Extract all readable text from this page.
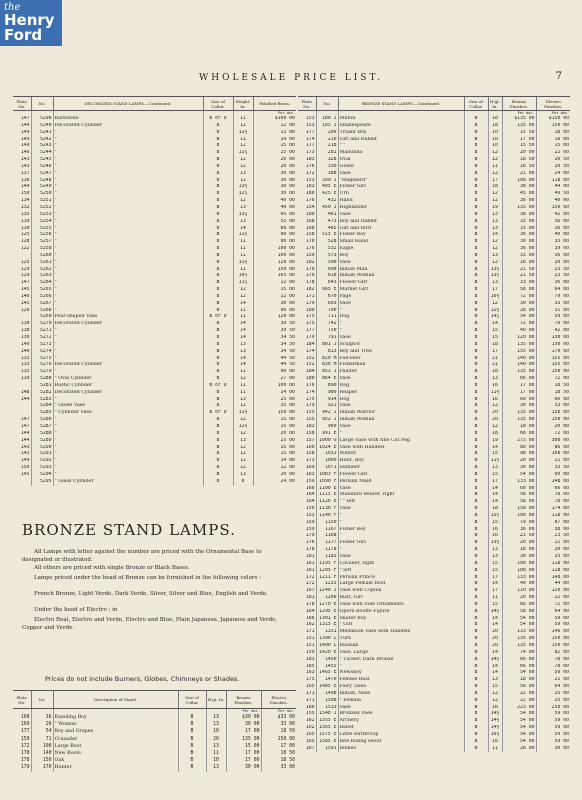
the
Henry Ford
WHOLESALE PRICE LIST.	7
Plate No.	No.	DECORATED STAND LAMPS.—Continued.	Size of Collar.	Height. In.	Polished Brass.
					Per doz.
147	5290	Barbotine	B or D	11	$100 00
144	5240	Decorated Cylinder	B	12	12 00
149	5241	"	B	12½	13 00
149	5242	"	B	11	14 00
149	5243	"	B	12	15 00
146	5244	"	B	11¼	15 00
143	5245	"	B	12	20 00
143	5246	"	B	12	20 00
137	5247	"	B	13	30 00
136	5248	"	B	12	30 00
149	5249	"	B	13½	30 00
150	5250	"	B	12¼	30 00
134	5251	"	B	12	40 00
132	5252	"	B	13	40 00
135	5253	"	B	13¼	45 00
139	5254	"	B	13	55 00
130	5255	"	B	14	60 00
125	5256	"	B	11½	90 00
128	5257	"	B	11	90 00
122	5258	"	B	11	100 00
	5260	"	B	11	100 00
125	5261	"	B	11½	120 00
129	5262	"	B	11	150 00
129	5263	"	B	10½	165 00
147	5264	"	B	11¼	12 00
145	5265	"	B	12	15 00
146	5266	"	B	12	12 00
145	5267	"	B	14	30 00
126	5268	"	B	11	90 00
	5269	Pear-shaped Vase	B or D	11	120 00
138	5270	Decorated Cylinder	B	14	39 50
138	5271	"	B	14	39 50
130	5272	"	B	14	34 50
140	5273	"	B	13	34 50
140	5274	"	B	13	34 50
133	5275	"	B	14	44 50
133	5276	Decorated Cylinder	B	14	44 50
135	5279	"	B	11	90 00
139	5280	" Oval Cylinder	B	12	27 00
	5281	Rustic Cylinder	B or D	11	100 00
148	5282	Decorated Cylinder	B	11	14 00
144	5283	"	B	13	25 00
	5284	" Globe Vase	B	12	35 00
	5285	" Cylinder Vase	B or D	11½	150 00
147	5286	"	B	12	15 00
147	5287	"	B	12½	15 00
144	5288	"	B	12	20 00
144	5289	"	B	13	25 00
143	5290	"	B	12	15 00
143	5291	"	B	12	15 00
149	5292	"	B	12	14 00
150	5293	"	B	12	12 00
145	5294	"	B	13	20 00
	5295	" Glass Cylinder	B	8	24 00
Plate No.	No.	BRONZE STAND LAMPS.—Continued.	Size of Collar.	H'gt. In.	Bronze Finishes.	Electro Finishes.
					Per doz.	Per doz.
153	180 J	Milton	B	18	$135 00	$150 00
153	195 J	Shakespeare	B	18	135 00	150 00
177	209	Truant Boy	B	10	15 50	18 00
174	210	Girl and Rabbit	B	10	17 00	18 00
177	218	" "	B	10	15 50	15 00
173	281	Madonna	B	12	20 00	22 00
183	328	Oval	B	12	18 50	20 50
176	330	Globe	B	11	18 50	20 50
172	388	Vase	B	12	21 00	24 00
153	399 J	"Shepherd"	B	17	108 00	118 00
183	405 E	Fisher Girl	B	18	38 00	44 00
180	425 E	Urn	B	12	45 00	49 50
176	432	Hand	B	12	36 00	40 00
154	450 J	Highlander	B	19	135 00	150 00
180	461	Vase	B	13	38 00	42 00
168	473	Boy and Rabbit	B	13	33 00	36 00
168	485	Girl and Bird	B	13	33 00	36 00
158	515 E	Fisher Boy	B	14	36 00	40 00
170	528	Small Hand	B	12	30 00	33 00
176	532	Eagle	B	12	36 00	39 00
159	573	Boy	B	13	33 00	36 00
182	590	Vase	B	12	18 00	20 00
170	608	Indian Man	B	13½	21 50	23 50
170	618	Indian Woman	B	13½	21 50	23 50
178	643	Flower Girl	B	13	33 00	36 00
182	665 E	Market Girl	B	17	58 00	64 00
171	670	Page	B	16½	72 00	79 00
179	693	Vase	B	12	30 00	33 00
180	700	"	B	12½	28 00	31 00
175	711	Dog	B	14¼	54 00	59 00
175	742	"	B	14	72 00	79 00
177	750	"	B	15	40 00	42 00
179	791	Vase	B	15	120 00	130 00
184	801 J	Sculptor	B	18	135 00	150 00
174	813	Boy and Tree	B	17	155 00	170 00
152	820 H	Falconer	B	21	140 00	155 00
152	830 H	Fisherman	B	21	140 00	155 00
184	851 J	Painter	B	18	135 00	150 00
180	864 E	Vase	B	13	66 00	72 00
176	890	Dog	B	16	17 00	18 50
174	900	Reaper	B	11½	17 00	18 50
175	914	Dog	B	16	60 00	66 00
179	921	Vase	B	12	30 00	33 00
155	942 J	Indian Warrior	B	20	135 00	150 00
155	952 J	Indian Woman	B	20	135 00	150 00
183	960	Vase	B	12	18 00	20 00
158	991 E	"	B	18	68 00	72 00
157	1000 G	Large Vase with fine Cut Peg	B	19	275 00	300 00
160	1024 E	Vase with Handles	B	14	80 00	86 00
158	1031	Winter	B	15	98 00	108 00
173	1060	Hunt, Boy	B	11½	20 00	22 00
169	1071	Summer	B	13	30 00	33 50
163	1083 F	Flower Girl	B	15	54 00	60 00
159	1090 F	Persian Maid	B	17	133 00	148 00
166	1100 E	Vase	B	14	60 00	66 00
164	1115 E	Standard Bearer, right	B	14	58 00	78 00
164	1126 E	" " left	B	14	58 00	78 00
156	1130 F	Vase	B	18	158 00	174 00
153	1140 F	"	B	15½	108 00	118 00
159	1150	"	B	15	79 00	87 00
159	1167	Fisher Boy	B	16	36 00	38 00
179	1168	"	B	16	21 50	23 50
176	1177	Fisher Girl	B	13½	20 00	22 00
178	1178	"	B	13	18 00	20 00
181	1183	Vase	B	13	30 00	33 00
161	1195 F	Cavalier, right	B	15	108 00	118 00
161	1205 F	" left	B	15	108 00	118 00
172	1211 F	Persian Prince	B	17	133 00	148 00
172	1233	Large Female Bust	B	14	40 00	44 00
167	1240 J	Vase with Copula	B	17	110 00	120 00
181	1266	Bust, Girl	B	11	20 00	22 00
178	1270 E	Vase with Side Ornaments	B	15	66 00	72 00
164	1295 E	Opera Bouffe Figure	B	14½	58 00	64 00
166	1301 E	Skater Boy	B	14	54 00	59 00
162	1315 E	" Girl	B	14	54 00	59 00
171	1331	Medallion Vase with Handles	B	20	133 00	146 00
151	1390 L	Turk	B	20	135 00	150 00
151	1400 L	Russian	B	20	135 00	150 00
159	1420 E	Vase, Large	B	14	74 00	82 00
183	1450	" Tucker, Dark Bronze	B	14½	66 00	78 00
185	1455	"	B	14	66 00	78 00
163	1465 E	Newsboy	B	14	54 00	59 00
175	1470	Female Bust	B	13	18 00	21 00
165	1485 E	Fairy Tales	B	15	58 00	64 00
171	1498	Indian, Male	B	12	22 00	25 00
171	1508	" Female	B	12	22 00	25 00
180	1533	Vase	B	16	225 00	250 00
155	1540 J	Bronzed Vase	B	14½	54 00	59 00
162	1555 E	Archery	B	14½	54 00	59 00
162	1565 E	Ballet	B	14½	54 00	59 00
165	1575 E	Little Buttercup	B	16½	54 00	59 00
165	1585 E	Red Riding Hood	B	16	54 00	59 00
167	1591	Romeo	B	11	28 00	30 00
BRONZE STAND LAMPS.
All Lamps with letter against the number are priced with the Ornamental Base to designated or illustrated.
All others are priced with single Bronze or Black Bases.
Lamps priced under the head of Bronze can be furnished in the following colors :
French Bronze, Light Verde, Dark Verde, Silver, Silver and Blue, English and Verde.
Under the head of Electro : in
Electro Real, Electro and Verde, Electro and Blue, Plain Japanese, Japanese and Verde, Copper and Verde.
Prices do not include Burners, Globes, Chimneys or Shades.
Plate No.	No.	Description of Stand.	Size of Collar.	H'gt. In.	Bronze Finishes.	Electro Finishes.
					Per doz.	Per doz.
168	16	Kneeling Boy	B	13	$30 00	$33 00
169	26	" Woman	B	13	30 00	33 00
177	54	Boy and Grapes	B	10	17 00	18 50
159	71	Crusader	B	20	135 00	150 00
172	100	Large Bust	B	13	15 00	17 00
178	140	New Boots	B	11	17 00	18 50
178	150	Oak	B	10	17 00	18 50
179	170	Hunter	B	13	30 00	33 00
